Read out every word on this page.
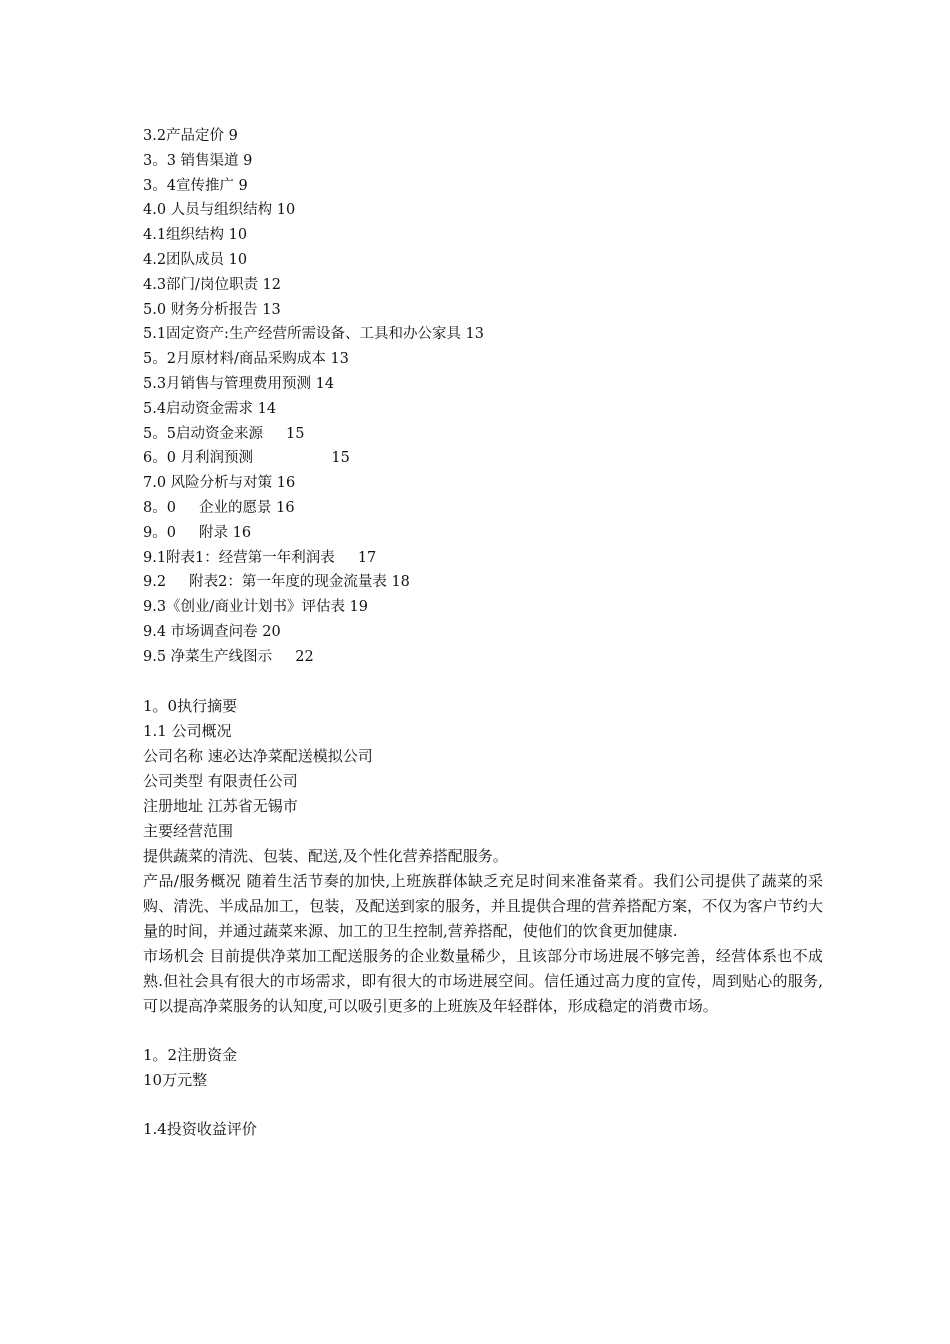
3.2产品定价 9
3。3 销售渠道 9
3。4宣传推广 9
4.0 人员与组织结构 10
4.1组织结构 10
4.2团队成员 10
4.3部门/岗位职责 12
5.0 财务分析报告 13
5.1固定资产:生产经营所需设备、工具和办公家具 13
5。2月原材料/商品采购成本 13
5.3月销售与管理费用预测 14
5.4启动资金需求 14
5。5启动资金来源     15
6。0 月利润预测                 15
7.0 风险分析与对策 16
8。0     企业的愿景 16
9。0     附录 16
9.1附表1：经营第一年利润表     17
9.2     附表2：第一年度的现金流量表 18
9.3《创业/商业计划书》评估表 19
9.4 市场调查问卷 20
9.5 净菜生产线图示     22
1。0执行摘要
1.1 公司概况
公司名称 速必达净菜配送模拟公司
公司类型 有限责任公司
注册地址 江苏省无锡市
主要经营范围
提供蔬菜的清洗、包装、配送,及个性化营养搭配服务。
产品/服务概况 随着生活节奏的加快,上班族群体缺乏充足时间来准备菜肴。我们公司提供了蔬菜的采购、清洗、半成品加工，包装，及配送到家的服务，并且提供合理的营养搭配方案，不仅为客户节约大量的时间，并通过蔬菜来源、加工的卫生控制,营养搭配，使他们的饮食更加健康.
市场机会 目前提供净菜加工配送服务的企业数量稀少，且该部分市场进展不够完善，经营体系也不成熟.但社会具有很大的市场需求，即有很大的市场进展空间。信任通过高力度的宣传，周到贴心的服务,可以提高净菜服务的认知度,可以吸引更多的上班族及年轻群体，形成稳定的消费市场。
1。2注册资金
10万元整
1.4投资收益评价
